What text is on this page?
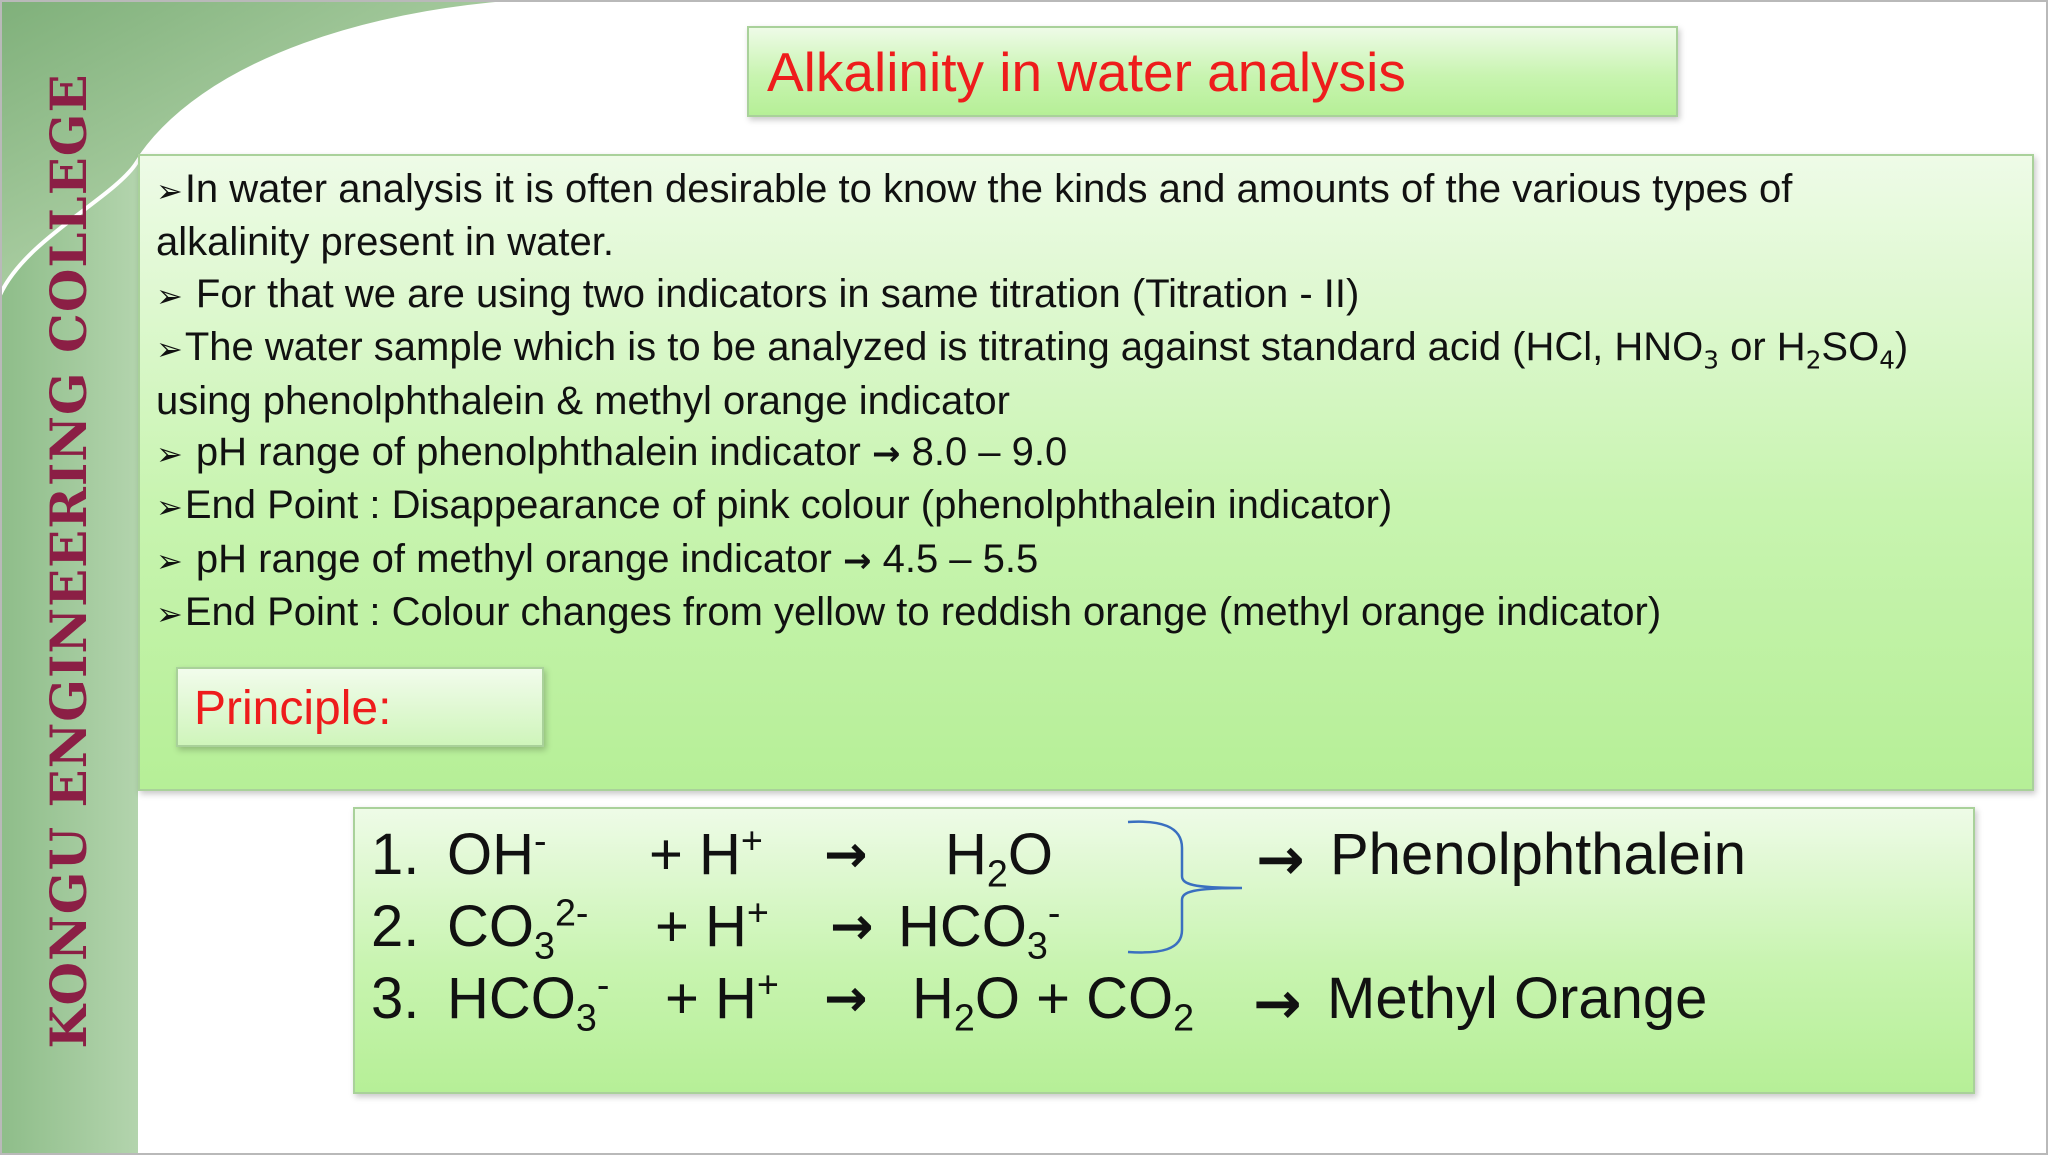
KONGU ENGINEERING COLLEGE
Alkalinity in water analysis
➢In water analysis it is often desirable to know the kinds and amounts of the various types of
alkalinity present in water.
➢ For that we are using two indicators in same titration (Titration - II)
➢The water sample which is to be analyzed is titrating against standard acid (HCl, $HNO_3$ or $H_2SO_4$)
using phenolphthalein & methyl orange indicator
➢ pH range of phenolphthalein indicator → 8.0 – 9.0
➢End Point : Disappearance of pink colour (phenolphthalein indicator)
➢ pH range of methyl orange indicator → 4.5 – 5.5
➢End Point : Colour changes from yellow to reddish orange (methyl orange indicator)
Principle:
1. $OH^- + H^+ \to H_2O$
2. $CO_3^{2-} + H^+ \to HCO_3^-$
3. $HCO_3^- + H^+ \to H_2O + CO_2$
→ Phenolphthalein
→ Methyl Orange
